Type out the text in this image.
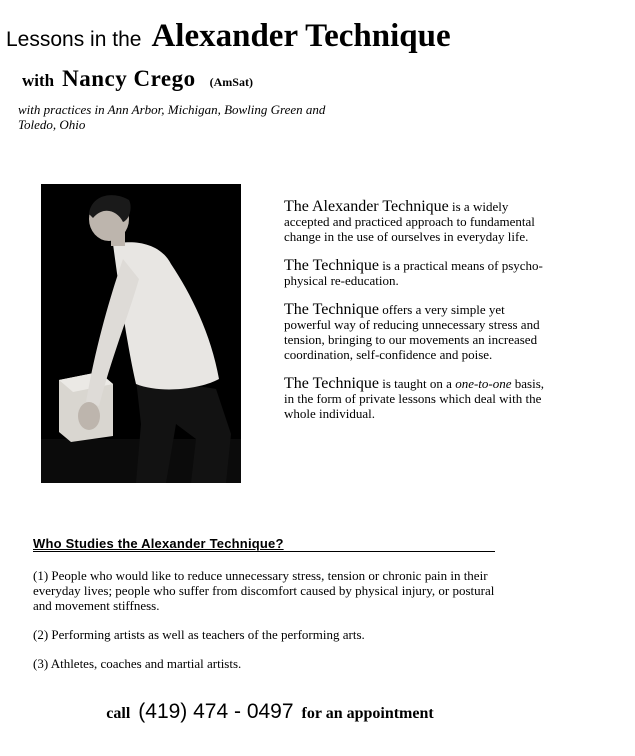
Lessons in the Alexander Technique
with Nancy Crego (AmSat)
with practices in Ann Arbor, Michigan, Bowling Green and Toledo, Ohio

The Alexander Technique is a widely accepted and practiced approach to fundamental change in the use of ourselves in everyday life.

The Technique is a practical means of psycho-physical re-education.

The Technique offers a very simple yet powerful way of reducing unnecessary stress and tension, bringing to our movements an increased coordination, self-confidence and poise.

The Technique is taught on a one-to-one basis, in the form of private lessons which deal with the whole individual.

Who Studies the Alexander Technique?

(1) People who would like to reduce unnecessary stress, tension or chronic pain in their everyday lives; people who suffer from discomfort caused by physical injury, or postural and movement stiffness.

(2) Performing artists as well as teachers of the performing arts.

(3) Athletes, coaches and martial artists.

call (419) 474 - 0497 for an appointment
